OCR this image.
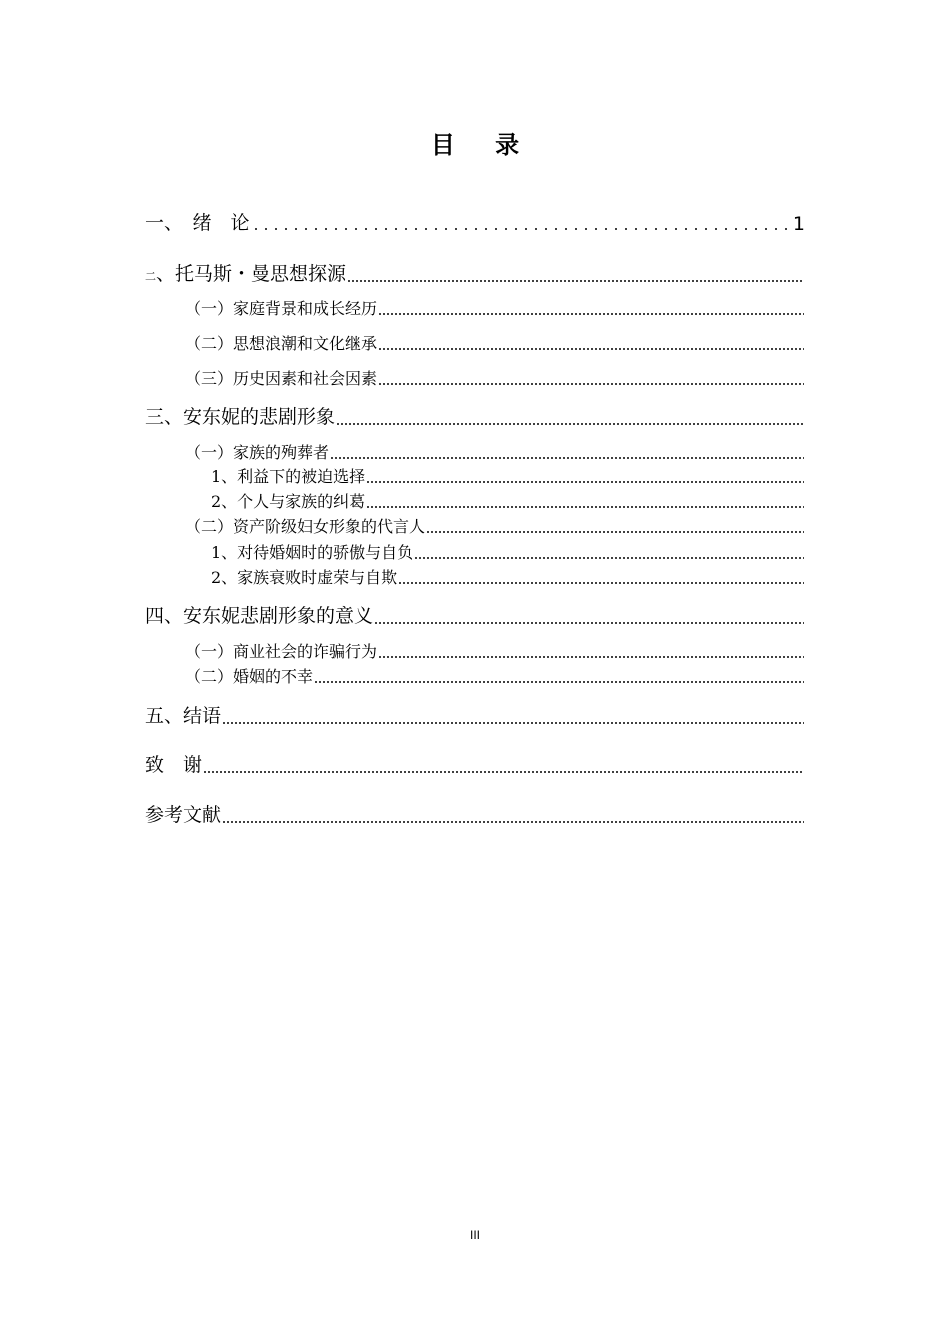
目 录
一、　绪　论	1
二、托马斯・曼思想探源
（一）家庭背景和成长经历
（二）思想浪潮和文化继承
（三）历史因素和社会因素
三、安东妮的悲剧形象
（一）家族的殉葬者
1、利益下的被迫选择
2、个人与家族的纠葛
（二）资产阶级妇女形象的代言人
1、对待婚姻时的骄傲与自负
2、家族衰败时虚荣与自欺
四、安东妮悲剧形象的意义
（一）商业社会的诈骗行为
（二）婚姻的不幸
五、结语
致　谢
参考文献
III
